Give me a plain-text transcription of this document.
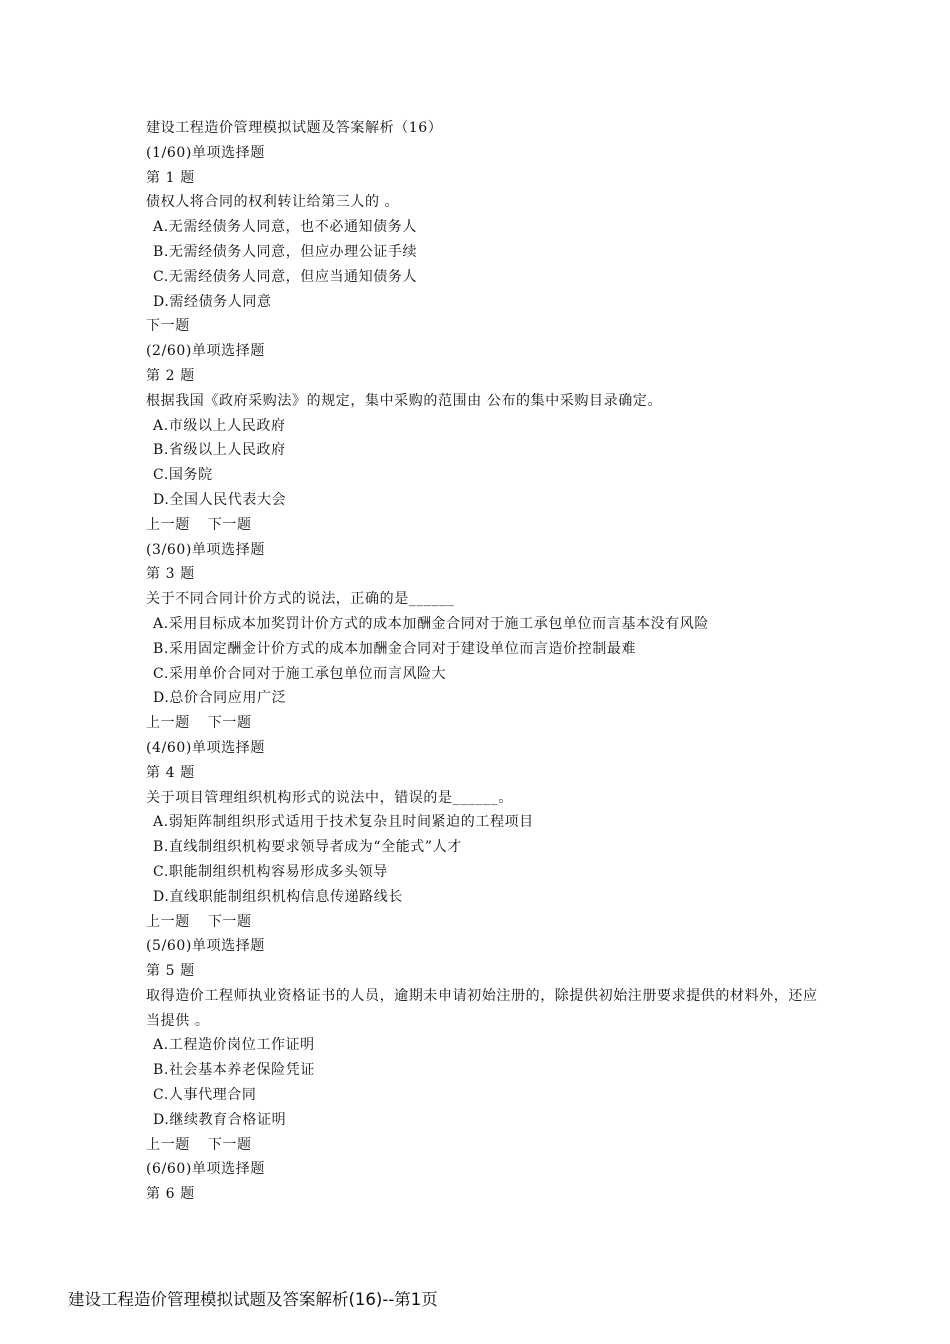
建设工程造价管理模拟试题及答案解析（16）
(1/60)单项选择题
第 1 题
债权人将合同的权利转让给第三人的 。
A.无需经债务人同意，也不必通知债务人
B.无需经债务人同意，但应办理公证手续
C.无需经债务人同意，但应当通知债务人
D.需经债务人同意
下一题
(2/60)单项选择题
第 2 题
根据我国《政府采购法》的规定，集中采购的范围由 公布的集中采购目录确定。
A.市级以上人民政府
B.省级以上人民政府
C.国务院
D.全国人民代表大会
上一题 下一题
(3/60)单项选择题
第 3 题
关于不同合同计价方式的说法，正确的是______
A.采用目标成本加奖罚计价方式的成本加酬金合同对于施工承包单位而言基本没有风险
B.采用固定酬金计价方式的成本加酬金合同对于建设单位而言造价控制最难
C.采用单价合同对于施工承包单位而言风险大
D.总价合同应用广泛
上一题 下一题
(4/60)单项选择题
第 4 题
关于项目管理组织机构形式的说法中，错误的是______。
A.弱矩阵制组织形式适用于技术复杂且时间紧迫的工程项目
B.直线制组织机构要求领导者成为“全能式”人才
C.职能制组织机构容易形成多头领导
D.直线职能制组织机构信息传递路线长
上一题 下一题
(5/60)单项选择题
第 5 题
取得造价工程师执业资格证书的人员，逾期未申请初始注册的，除提供初始注册要求提供的材料外，还应当提供 。
A.工程造价岗位工作证明
B.社会基本养老保险凭证
C.人事代理合同
D.继续教育合格证明
上一题 下一题
(6/60)单项选择题
第 6 题
建设工程造价管理模拟试题及答案解析(16)--第1页
